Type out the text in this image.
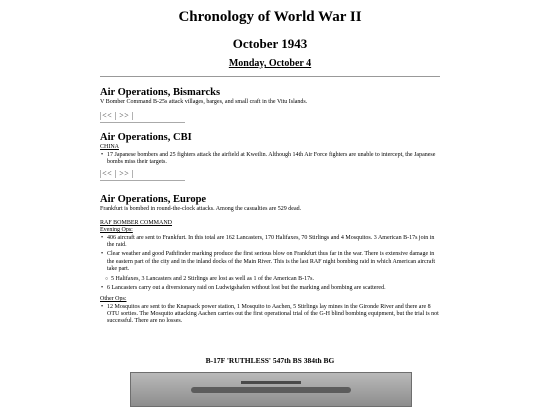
Chronology of World War II
October 1943
Monday, October 4
Air Operations, Bismarcks

V Bomber Command B-25s attack villages, barges, and small craft in the Vitu Islands.

|<< | >> |
Air Operations, CBI

CHINA

• 17 Japanese bombers and 25 fighters attack the airfield at Kweilin. Although 14th Air Force fighters are unable to intercept, the Japanese bombs miss their targets.
|<< | >> |
Air Operations, Europe

Frankfurt is bombed in round-the-clock attacks. Among the casualties are 529 dead.

RAF BOMBER COMMAND

Evening Ops:

• 406 aircraft are sent to Frankfurt. In this total are 162 Lancasters, 170 Halifaxes, 70 Stirlings and 4 Mosquitos. 3 American B-17s join in the raid.
• Clear weather and good Pathfinder marking produce the first serious blow on Frankfurt thus far in the war. There is extensive damage in the eastern part of the city and in the inland docks of the Main River. This is the last RAF night bombing raid in which American aircraft take part.
○ 5 Halifaxes, 3 Lancasters and 2 Stirlings are lost as well as 1 of the American B-17s.
• 6 Lancasters carry out a diversionary raid on Ludwigshafen without lost but the marking and bombing are scattered.

Other Ops:

• 12 Mosquitos are sent to the Knapsack power station, 1 Mosquito to Aachen, 5 Stirlings lay mines in the Gironde River and there are 8 OTU sorties. The Mosquito attacking Aachen carries out the first operational trial of the G-H blind bombing equipment, but the trial is not successful. There are no losses.
B-17F 'RUTHLESS' 547th BS 384th BG
